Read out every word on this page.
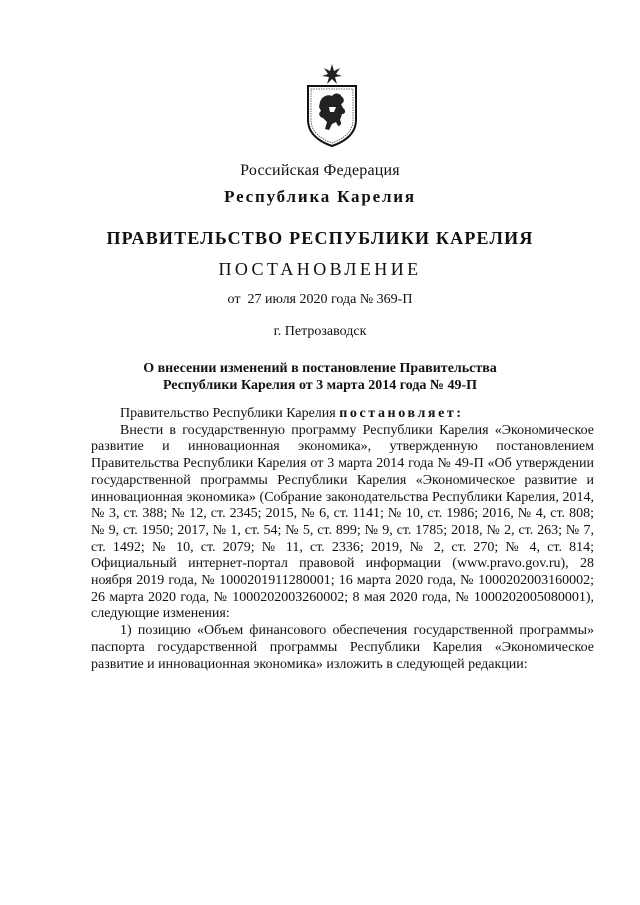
Российская Федерация
Республика Карелия
ПРАВИТЕЛЬСТВО РЕСПУБЛИКИ КАРЕЛИЯ
ПОСТАНОВЛЕНИЕ
от  27 июля 2020 года № 369-П
г. Петрозаводск
О внесении изменений в постановление Правительства
Республики Карелия от 3 марта 2014 года № 49-П

Правительство Республики Карелия постановляет:

Внести в государственную программу Республики Карелия «Экономическое развитие и инновационная экономика», утвержденную постановлением Правительства Республики Карелия от 3 марта 2014 года № 49-П «Об утверждении государственной программы Республики Карелия «Экономическое развитие и инновационная экономика» (Собрание законодательства Республики Карелия, 2014, № 3, ст. 388; № 12, ст. 2345; 2015, № 6, ст. 1141; № 10, ст. 1986; 2016, № 4, ст. 808; № 9, ст. 1950; 2017, № 1, ст. 54; № 5, ст. 899; № 9, ст. 1785; 2018, № 2, ст. 263; № 7, ст. 1492; № 10, ст. 2079; № 11, ст. 2336; 2019, № 2, ст. 270; № 4, ст. 814; Официальный интернет-портал правовой информации (www.pravo.gov.ru), 28 ноября 2019 года, № 1000201911280001; 16 марта 2020 года, № 1000202003160002; 26 марта 2020 года, № 1000202003260002; 8 мая 2020 года, № 1000202005080001), следующие изменения:

1) позицию «Объем финансового обеспечения государственной программы» паспорта государственной программы Республики Карелия «Экономическое развитие и инновационная экономика» изложить в следующей редакции:
